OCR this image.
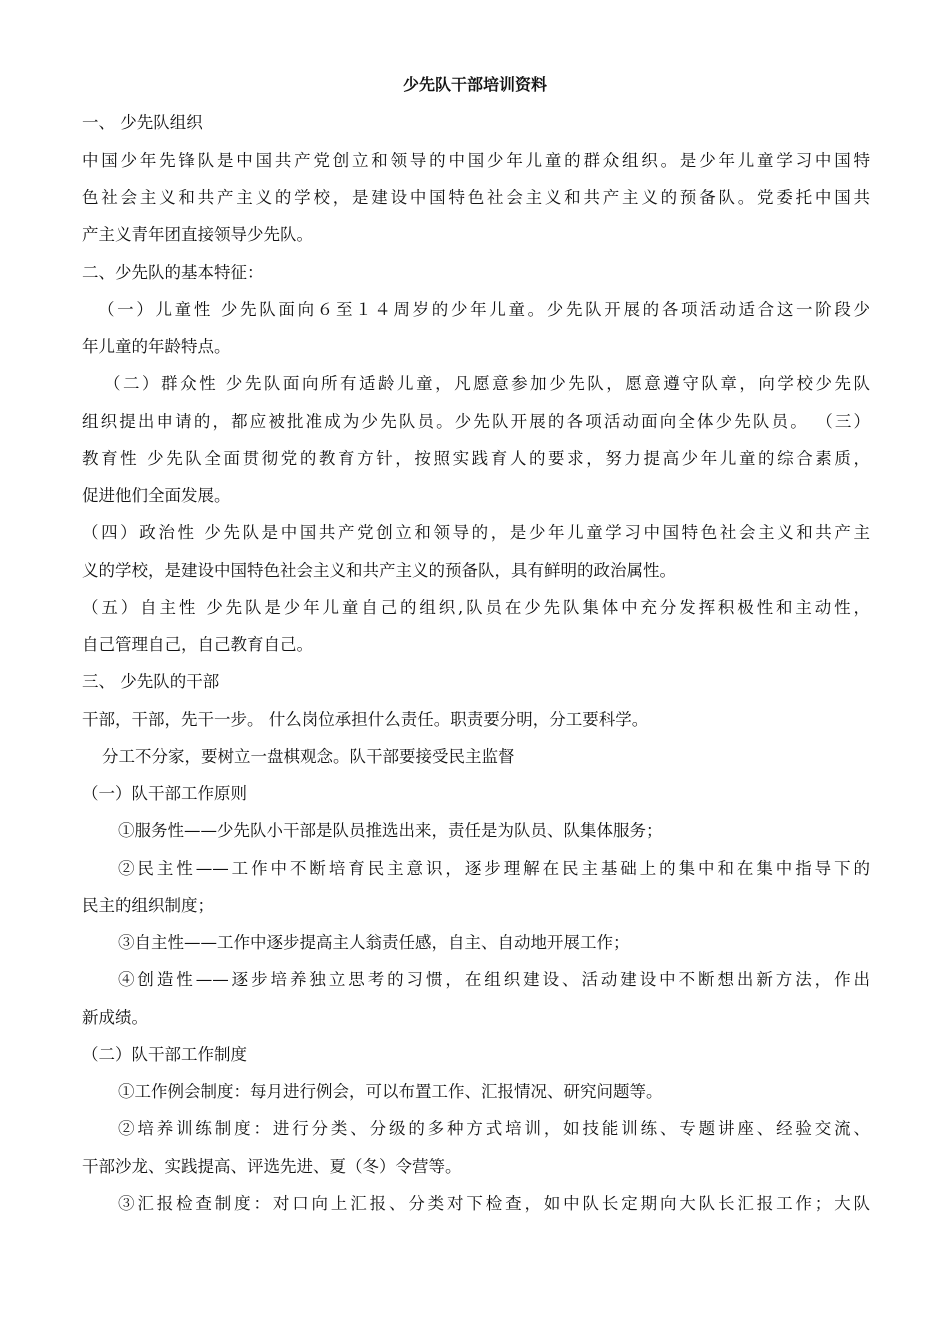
少先队干部培训资料
一、 少先队组织
中国少年先锋队是中国共产党创立和领导的中国少年儿童的群众组织。是少年儿童学习中国特
色社会主义和共产主义的学校，是建设中国特色社会主义和共产主义的预备队。党委托中国共
产主义青年团直接领导少先队。
二、少先队的基本特征：
（一）儿童性 少先队面向６至１４周岁的少年儿童。少先队开展的各项活动适合这一阶段少
年儿童的年龄特点。
（二）群众性 少先队面向所有适龄儿童，凡愿意参加少先队，愿意遵守队章，向学校少先队
组织提出申请的，都应被批准成为少先队员。少先队开展的各项活动面向全体少先队员。 （三）
教育性 少先队全面贯彻党的教育方针，按照实践育人的要求，努力提高少年儿童的综合素质，
促进他们全面发展。
（四）政治性 少先队是中国共产党创立和领导的，是少年儿童学习中国特色社会主义和共产主
义的学校，是建设中国特色社会主义和共产主义的预备队，具有鲜明的政治属性。
（五）自主性 少先队是少年儿童自己的组织,队员在少先队集体中充分发挥积极性和主动性，
自己管理自己，自己教育自己。
三、 少先队的干部
干部，干部，先干一步。 什么岗位承担什么责任。职责要分明，分工要科学。
分工不分家，要树立一盘棋观念。队干部要接受民主监督
（一）队干部工作原则
①服务性——少先队小干部是队员推选出来，责任是为队员、队集体服务；
②民主性——工作中不断培育民主意识，逐步理解在民主基础上的集中和在集中指导下的
民主的组织制度；
③自主性——工作中逐步提高主人翁责任感，自主、自动地开展工作；
④创造性——逐步培养独立思考的习惯，在组织建设、活动建设中不断想出新方法，作出
新成绩。
（二）队干部工作制度
①工作例会制度：每月进行例会，可以布置工作、汇报情况、研究问题等。
②培养训练制度：进行分类、分级的多种方式培训，如技能训练、专题讲座、经验交流、
干部沙龙、实践提高、评选先进、夏（冬）令营等。
③汇报检查制度：对口向上汇报、分类对下检查，如中队长定期向大队长汇报工作；大队
